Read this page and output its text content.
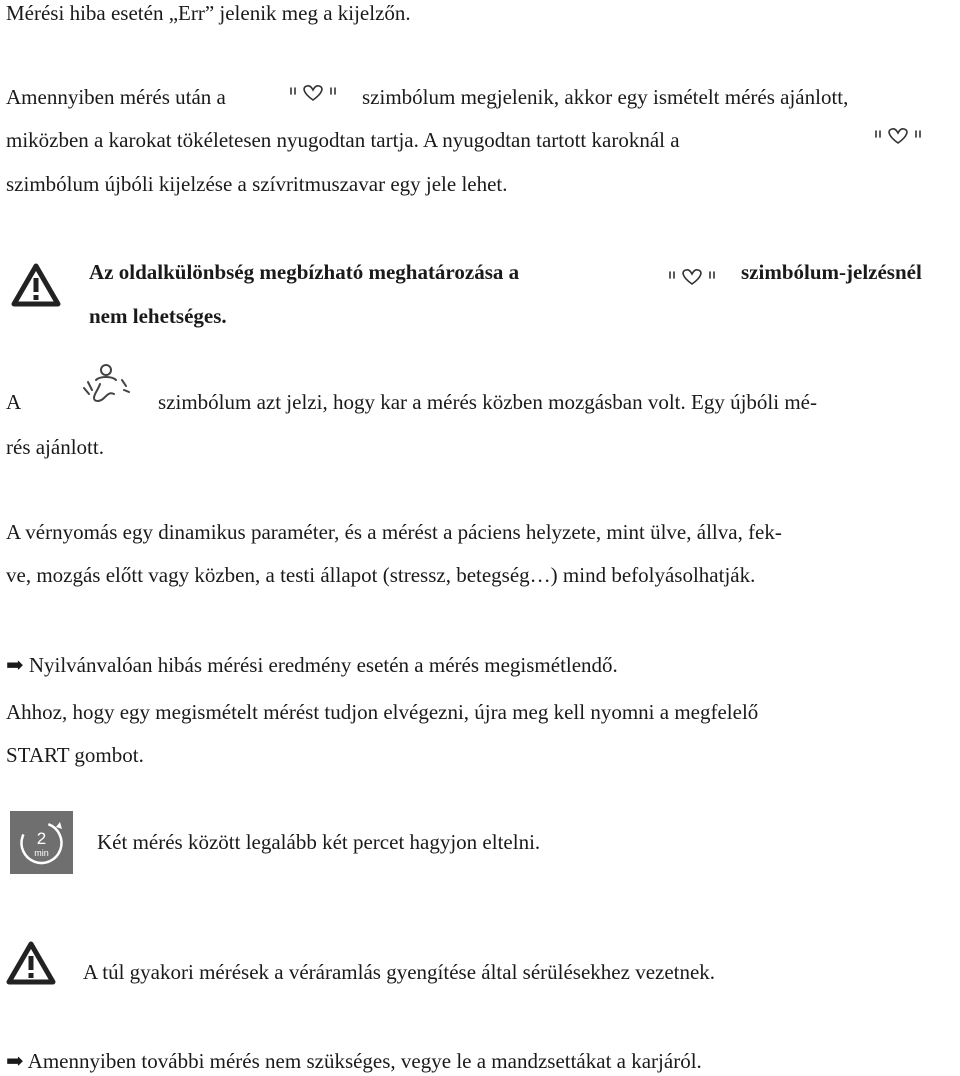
Mérési hiba esetén „Err” jelenik meg a kijelzőn.
Amennyiben mérés után a	szimbólum megjelenik, akkor egy ismételt mérés ajánlott,
miközben a karokat tökéletesen nyugodtan tartja. A nyugodtan tartott karoknál a
szimbólum újbóli kijelzése a szívritmuszavar egy jele lehet.
Az oldalkülönbség megbízható meghatározása a	szimbólum-jelzésnél
nem lehetséges.
A	szimbólum azt jelzi, hogy kar a mérés közben mozgásban volt. Egy újbóli mé-
rés ajánlott.
A vérnyomás egy dinamikus paraméter, és a mérést a páciens helyzete, mint ülve, állva, fek-
ve, mozgás előtt vagy közben, a testi állapot (stressz, betegség…) mind befolyásolhatják.
➡ Nyilvánvalóan hibás mérési eredmény esetén a mérés megismétlendő.
Ahhoz, hogy egy megismételt mérést tudjon elvégezni, újra meg kell nyomni a megfelelő
START gombot.
2
min Két mérés között legalább két percet hagyjon eltelni.
A túl gyakori mérések a véráramlás gyengítése által sérülésekhez vezetnek.
➡ Amennyiben további mérés nem szükséges, vegye le a mandzsettákat a karjáról.
